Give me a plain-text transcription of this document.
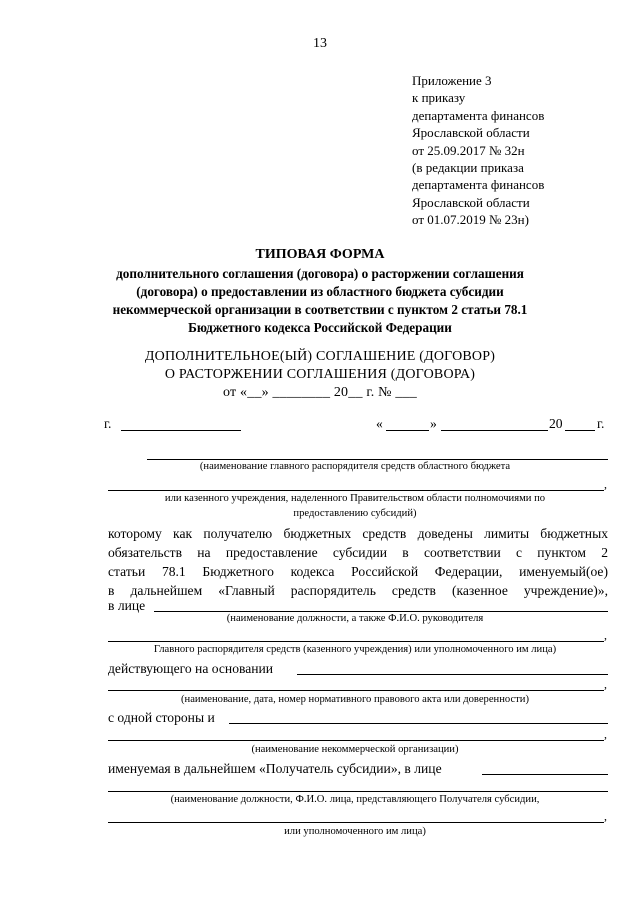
13
Приложение 3
к приказу
департамента финансов
Ярославской области
от 25.09.2017 № 32н
(в редакции приказа
департамента финансов
Ярославской области
от 01.07.2019 № 23н)
ТИПОВАЯ ФОРМА
дополнительного соглашения (договора) о расторжении соглашения
(договора) о предоставлении из областного бюджета субсидии
некоммерческой организации в соответствии с пунктом 2 статьи 78.1
Бюджетного кодекса Российской Федерации
ДОПОЛНИТЕЛЬНОЕ(ЫЙ) СОГЛАШЕНИЕ (ДОГОВОР)
О РАСТОРЖЕНИИ СОГЛАШЕНИЯ (ДОГОВОРА)
от «__» ________ 20__ г. № ___
г.	«	»	20	г.
(наименование главного распорядителя средств областного бюджета
,
или казенного учреждения, наделенного Правительством области полномочиями по
предоставлению субсидий)
которому как получателю бюджетных средств доведены лимиты бюджетных
обязательств на предоставление субсидии в соответствии с пунктом 2
статьи 78.1 Бюджетного кодекса Российской Федерации, именуемый(ое)
в дальнейшем «Главный распорядитель средств (казенное учреждение)»,
в лице
(наименование должности, а также Ф.И.О. руководителя
,
Главного распорядителя средств (казенного учреждения) или уполномоченного им лица)
действующего на основании
,
(наименование, дата, номер нормативного правового акта или доверенности)
с одной стороны и
,
(наименование некоммерческой организации)
именуемая в дальнейшем «Получатель субсидии», в лице
(наименование должности, Ф.И.О. лица, представляющего Получателя субсидии,
,
или уполномоченного им лица)
